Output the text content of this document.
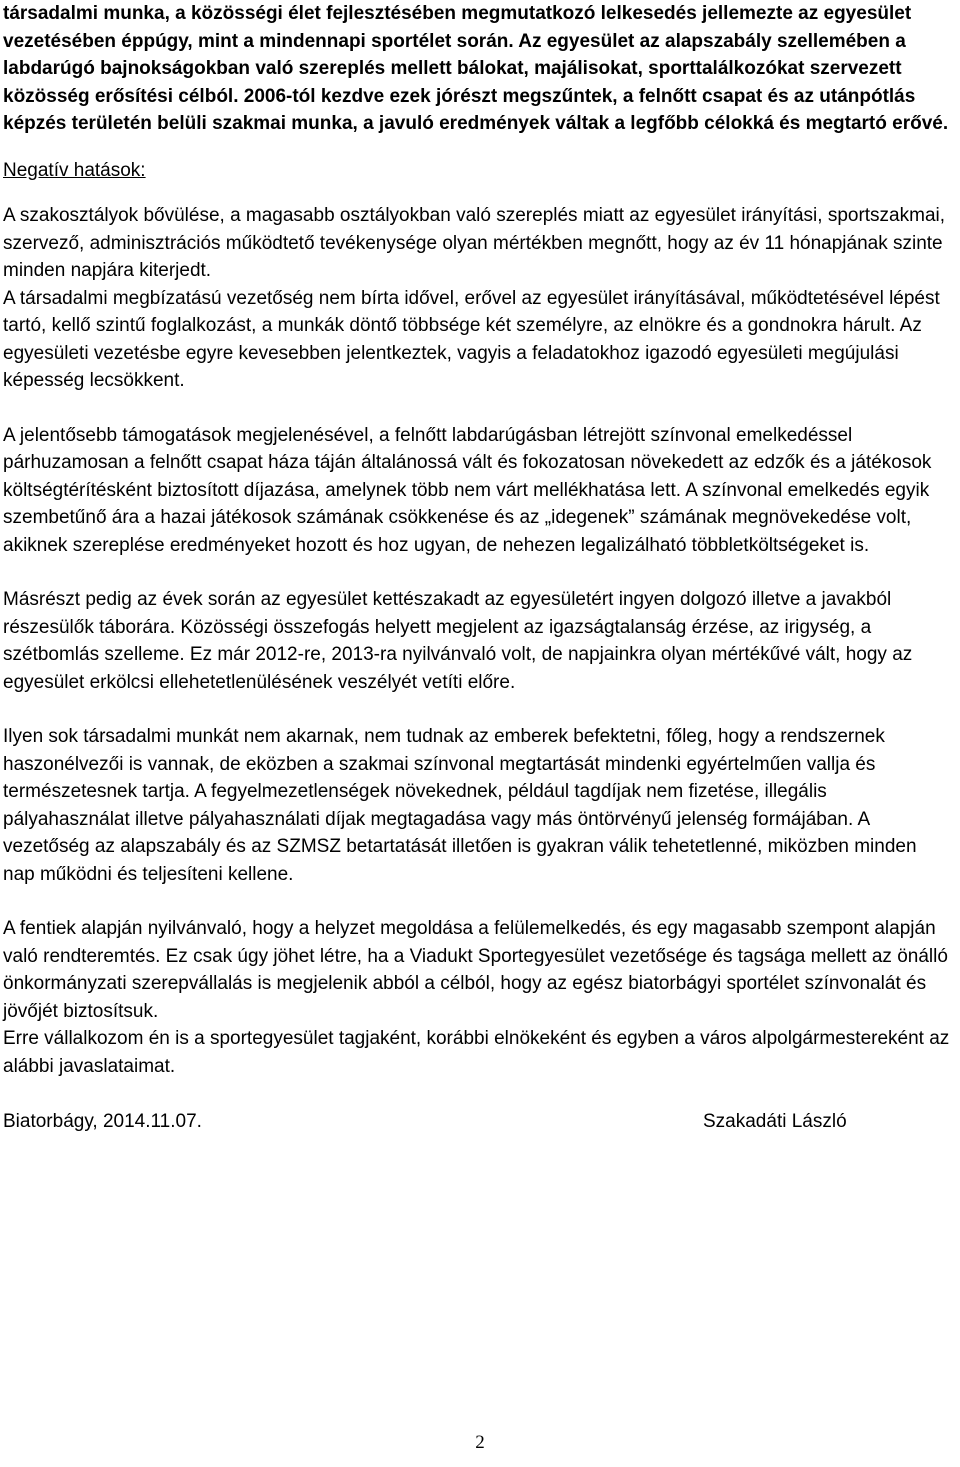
társadalmi munka, a közösségi élet fejlesztésében megmutatkozó lelkesedés jellemezte az egyesület vezetésében éppúgy, mint a mindennapi sportélet során. Az egyesület az alapszabály szellemében a labdarúgó bajnokságokban való szereplés mellett bálokat, majálisokat, sporttalálkozókat szervezett közösség erősítési célból. 2006-tól kezdve ezek jórészt megszűntek, a felnőtt csapat és az utánpótlás képzés területén belüli szakmai munka, a javuló eredmények váltak a legfőbb célokká és megtartó erővé.

Negatív hatások:

A szakosztályok bővülése, a magasabb osztályokban való szereplés miatt az egyesület irányítási, sportszakmai, szervező, adminisztrációs működtető tevékenysége olyan mértékben megnőtt, hogy az év 11 hónapjának szinte minden napjára kiterjedt.

A társadalmi megbízatású vezetőség nem bírta idővel, erővel az egyesület irányításával, működtetésével lépést tartó, kellő szintű foglalkozást, a munkák döntő többsége két személyre, az elnökre és a gondnokra hárult. Az egyesületi vezetésbe egyre kevesebben jelentkeztek, vagyis a feladatokhoz igazodó egyesületi megújulási képesség lecsökkent.

A jelentősebb támogatások megjelenésével, a felnőtt labdarúgásban létrejött színvonal emelkedéssel párhuzamosan a felnőtt csapat háza táján általánossá vált és fokozatosan növekedett az edzők és a játékosok költségtérítésként biztosított díjazása, amelynek több nem várt mellékhatása lett. A színvonal emelkedés egyik szembetűnő ára a hazai játékosok számának csökkenése és az „idegenek” számának megnövekedése volt, akiknek szereplése eredményeket hozott és hoz ugyan, de nehezen legalizálható többletköltségeket is.

Másrészt pedig az évek során az egyesület kettészakadt az egyesületért ingyen dolgozó illetve a javakból részesülők táborára. Közösségi összefogás helyett megjelent az igazságtalanság érzése, az irigység, a szétbomlás szelleme. Ez már 2012-re, 2013-ra nyilvánvaló volt, de napjainkra olyan mértékűvé vált, hogy az egyesület erkölcsi ellehetetlenülésének veszélyét vetíti előre.

Ilyen sok társadalmi munkát nem akarnak, nem tudnak az emberek befektetni, főleg, hogy a rendszernek haszonélvezői is vannak, de eközben a szakmai színvonal megtartását mindenki egyértelműen vallja és természetesnek tartja. A fegyelmezetlenségek növekednek, például tagdíjak nem fizetése, illegális pályahasználat illetve pályahasználati díjak megtagadása vagy más öntörvényű jelenség formájában. A vezetőség az alapszabály és az SZMSZ betartatását illetően is gyakran válik tehetetlenné, miközben minden nap működni és teljesíteni kellene.

A fentiek alapján nyilvánvaló, hogy a helyzet megoldása a felülemelkedés, és egy magasabb szempont alapján való rendteremtés. Ez csak úgy jöhet létre, ha a Viadukt Sportegyesület vezetősége és tagsága mellett az önálló önkormányzati szerepvállalás is megjelenik abból a célból, hogy az egész biatorbágyi sportélet színvonalát és jövőjét biztosítsuk.

Erre vállalkozom én is a sportegyesület tagjaként, korábbi elnökeként és egyben a város alpolgármestereként az alábbi javaslataimat.

Biatorbágy, 2014.11.07.	Szakadáti László
2
